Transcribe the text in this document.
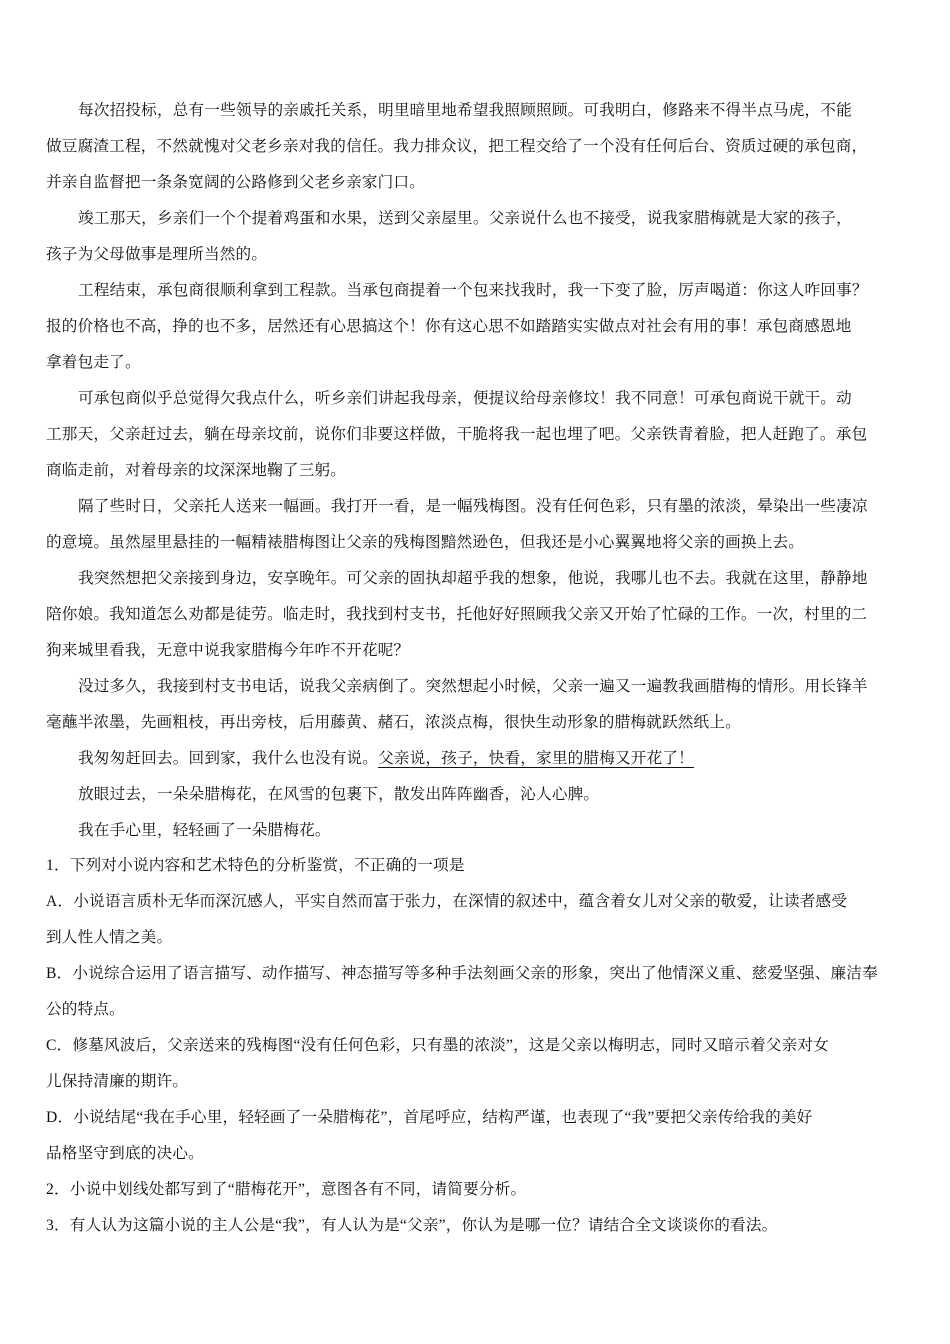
每次招投标，总有一些领导的亲戚托关系，明里暗里地希望我照顾照顾。可我明白，修路来不得半点马虎，不能
做豆腐渣工程，不然就愧对父老乡亲对我的信任。我力排众议，把工程交给了一个没有任何后台、资质过硬的承包商，
并亲自监督把一条条宽阔的公路修到父老乡亲家门口。
竣工那天，乡亲们一个个提着鸡蛋和水果，送到父亲屋里。父亲说什么也不接受，说我家腊梅就是大家的孩子，
孩子为父母做事是理所当然的。
工程结束，承包商很顺利拿到工程款。当承包商提着一个包来找我时，我一下变了脸，厉声喝道：你这人咋回事？
报的价格也不高，挣的也不多，居然还有心思搞这个！你有这心思不如踏踏实实做点对社会有用的事！承包商感恩地
拿着包走了。
可承包商似乎总觉得欠我点什么，听乡亲们讲起我母亲，便提议给母亲修坟！我不同意！可承包商说干就干。动
工那天，父亲赶过去，躺在母亲坟前，说你们非要这样做，干脆将我一起也埋了吧。父亲铁青着脸，把人赶跑了。承包
商临走前，对着母亲的坟深深地鞠了三躬。
隔了些时日，父亲托人送来一幅画。我打开一看，是一幅残梅图。没有任何色彩，只有墨的浓淡，晕染出一些凄凉
的意境。虽然屋里悬挂的一幅精裱腊梅图让父亲的残梅图黯然逊色，但我还是小心翼翼地将父亲的画换上去。
我突然想把父亲接到身边，安享晚年。可父亲的固执却超乎我的想象，他说，我哪儿也不去。我就在这里，静静地
陪你娘。我知道怎么劝都是徒劳。临走时，我找到村支书，托他好好照顾我父亲又开始了忙碌的工作。一次，村里的二
狗来城里看我，无意中说我家腊梅今年咋不开花呢？
没过多久，我接到村支书电话，说我父亲病倒了。突然想起小时候，父亲一遍又一遍教我画腊梅的情形。用长锋羊
毫蘸半浓墨，先画粗枝，再出旁枝，后用藤黄、赭石，浓淡点梅，很快生动形象的腊梅就跃然纸上。
我匆匆赶回去。回到家，我什么也没有说。父亲说，孩子，快看，家里的腊梅又开花了！
放眼过去，一朵朵腊梅花，在风雪的包裹下，散发出阵阵幽香，沁人心脾。
我在手心里，轻轻画了一朵腊梅花。
1．下列对小说内容和艺术特色的分析鉴赏，不正确的一项是
A．小说语言质朴无华而深沉感人，平实自然而富于张力，在深情的叙述中，蕴含着女儿对父亲的敬爱，让读者感受
到人性人情之美。
B．小说综合运用了语言描写、动作描写、神态描写等多种手法刻画父亲的形象，突出了他情深义重、慈爱坚强、廉洁奉
公的特点。
C．修墓风波后，父亲送来的残梅图“没有任何色彩，只有墨的浓淡”，这是父亲以梅明志，同时又暗示着父亲对女
儿保持清廉的期许。
D．小说结尾“我在手心里，轻轻画了一朵腊梅花”，首尾呼应，结构严谨，也表现了“我”要把父亲传给我的美好
品格坚守到底的决心。
2．小说中划线处都写到了“腊梅花开”，意图各有不同，请简要分析。
3．有人认为这篇小说的主人公是“我”，有人认为是“父亲”，你认为是哪一位？请结合全文谈谈你的看法。
